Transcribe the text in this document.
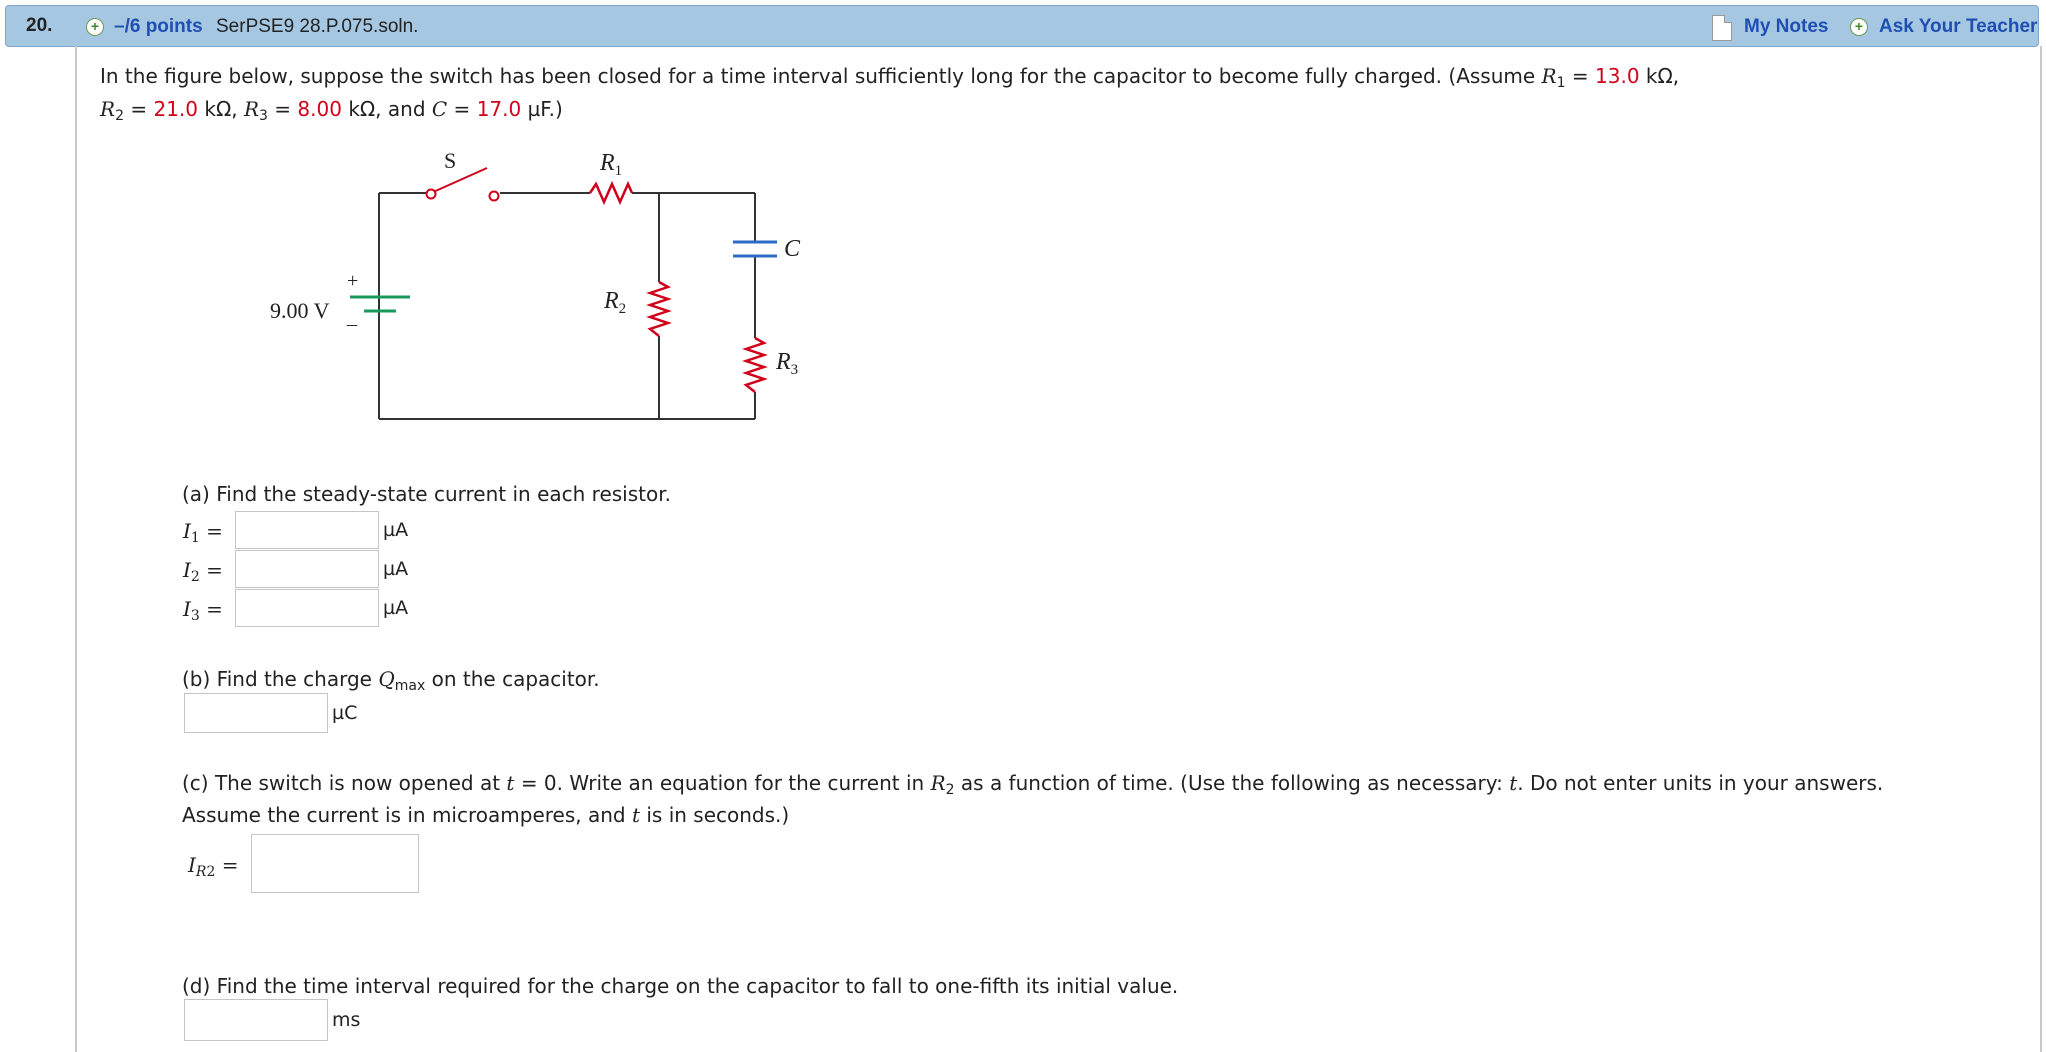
20.	+ –/6 points SerPSE9 28.P.075.soln.	My Notes	+ Ask Your Teacher
In the figure below, suppose the switch has been closed for a time interval sufficiently long for the capacitor to become fully charged. (Assume $R_1 = 13.0$ kΩ,
$R_2 = 21.0$ kΩ, $R_3 = 8.00$ kΩ, and C = 17.0 µF.)
S	$R_1$
$R_2$
$R_3$
C
9.00 V
+
–
(a) Find the steady-state current in each resistor.
$I_1$ =	µA
$I_2$ =	µA
$I_3$ =	µA
(b) Find the charge $Q_{max}$ on the capacitor.
µC
(c) The switch is now opened at t = 0. Write an equation for the current in $R_2$ as a function of time. (Use the following as necessary: t. Do not enter units in your answers.
Assume the current is in microamperes, and t is in seconds.)
$I_{R2}$ =
(d) Find the time interval required for the charge on the capacitor to fall to one-fifth its initial value.
ms
